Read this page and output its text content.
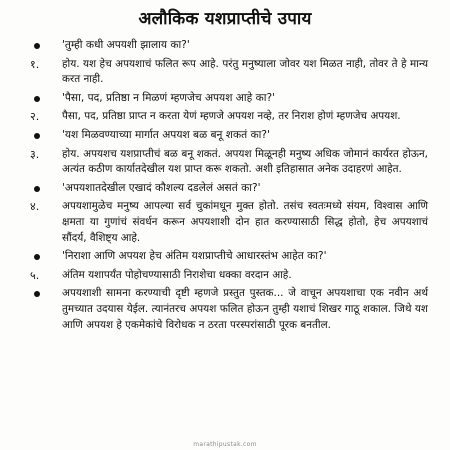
अलौकिक यशप्राप्तीचे उपाय
'तुम्ही कधी अपयशी झालाय का?'
१.	होय. यश हेच अपयशाचं फलित रूप आहे. परंतु मनुष्याला जोवर यश मिळत नाही, तोवर ते हे मान्य करत नाही.
'पैसा, पद, प्रतिष्ठा न मिळणं म्हणजेच अपयश आहे का?'
२.	पैसा, पद, प्रतिष्ठा प्राप्त न करता येणं म्हणजे अपयश नव्हे, तर निराश होणं म्हणजेच अपयश.
'यश मिळवण्याच्या मार्गात अपयश बळ बनू शकतं का?'
३.	होय. अपयशच यशप्राप्तीचं बळ बनू शकतं. अपयश मिळूनही मनुष्य अधिक जोमानं कार्यरत होऊन, अत्यंत कठीण कार्यातदेखील यश प्राप्त करू शकतो. अशी इतिहासात अनेक उदाहरणं आहेत.
'अपयशातदेखील एखादं कौशल्य दडलेलं असतं का?'
४.	अपयशामुळेच मनुष्य आपल्या सर्व चुकांमधून मुक्त होतो. तसंच स्वतःमध्ये संयम, विश्वास आणि क्षमता या गुणांचं संवर्धन करून अपयशाशी दोन हात करण्यासाठी सिद्ध होतो, हेच अपयशाचं सौंदर्य, वैशिष्ट्य आहे.
'निराशा आणि अपयश हेच अंतिम यशप्राप्तीचे आधारस्तंभ आहेत का?'
५.	अंतिम यशापर्यंत पोहोचण्यासाठी निराशेचा धक्का वरदान आहे.
अपयशाशी सामना करण्याची दृष्टी म्हणजे प्रस्तुत पुस्तक... जे वाचून अपयशाचा एक नवीन अर्थ तुमच्यात उदयास येईल. त्यानंतरच अपयश फलित होऊन तुम्ही यशाचं शिखर गाठू शकाल. जिथे यश आणि अपयश हे एकमेकांचे विरोधक न ठरता परस्परांसाठी पूरक बनतील.
marathipustak.com
